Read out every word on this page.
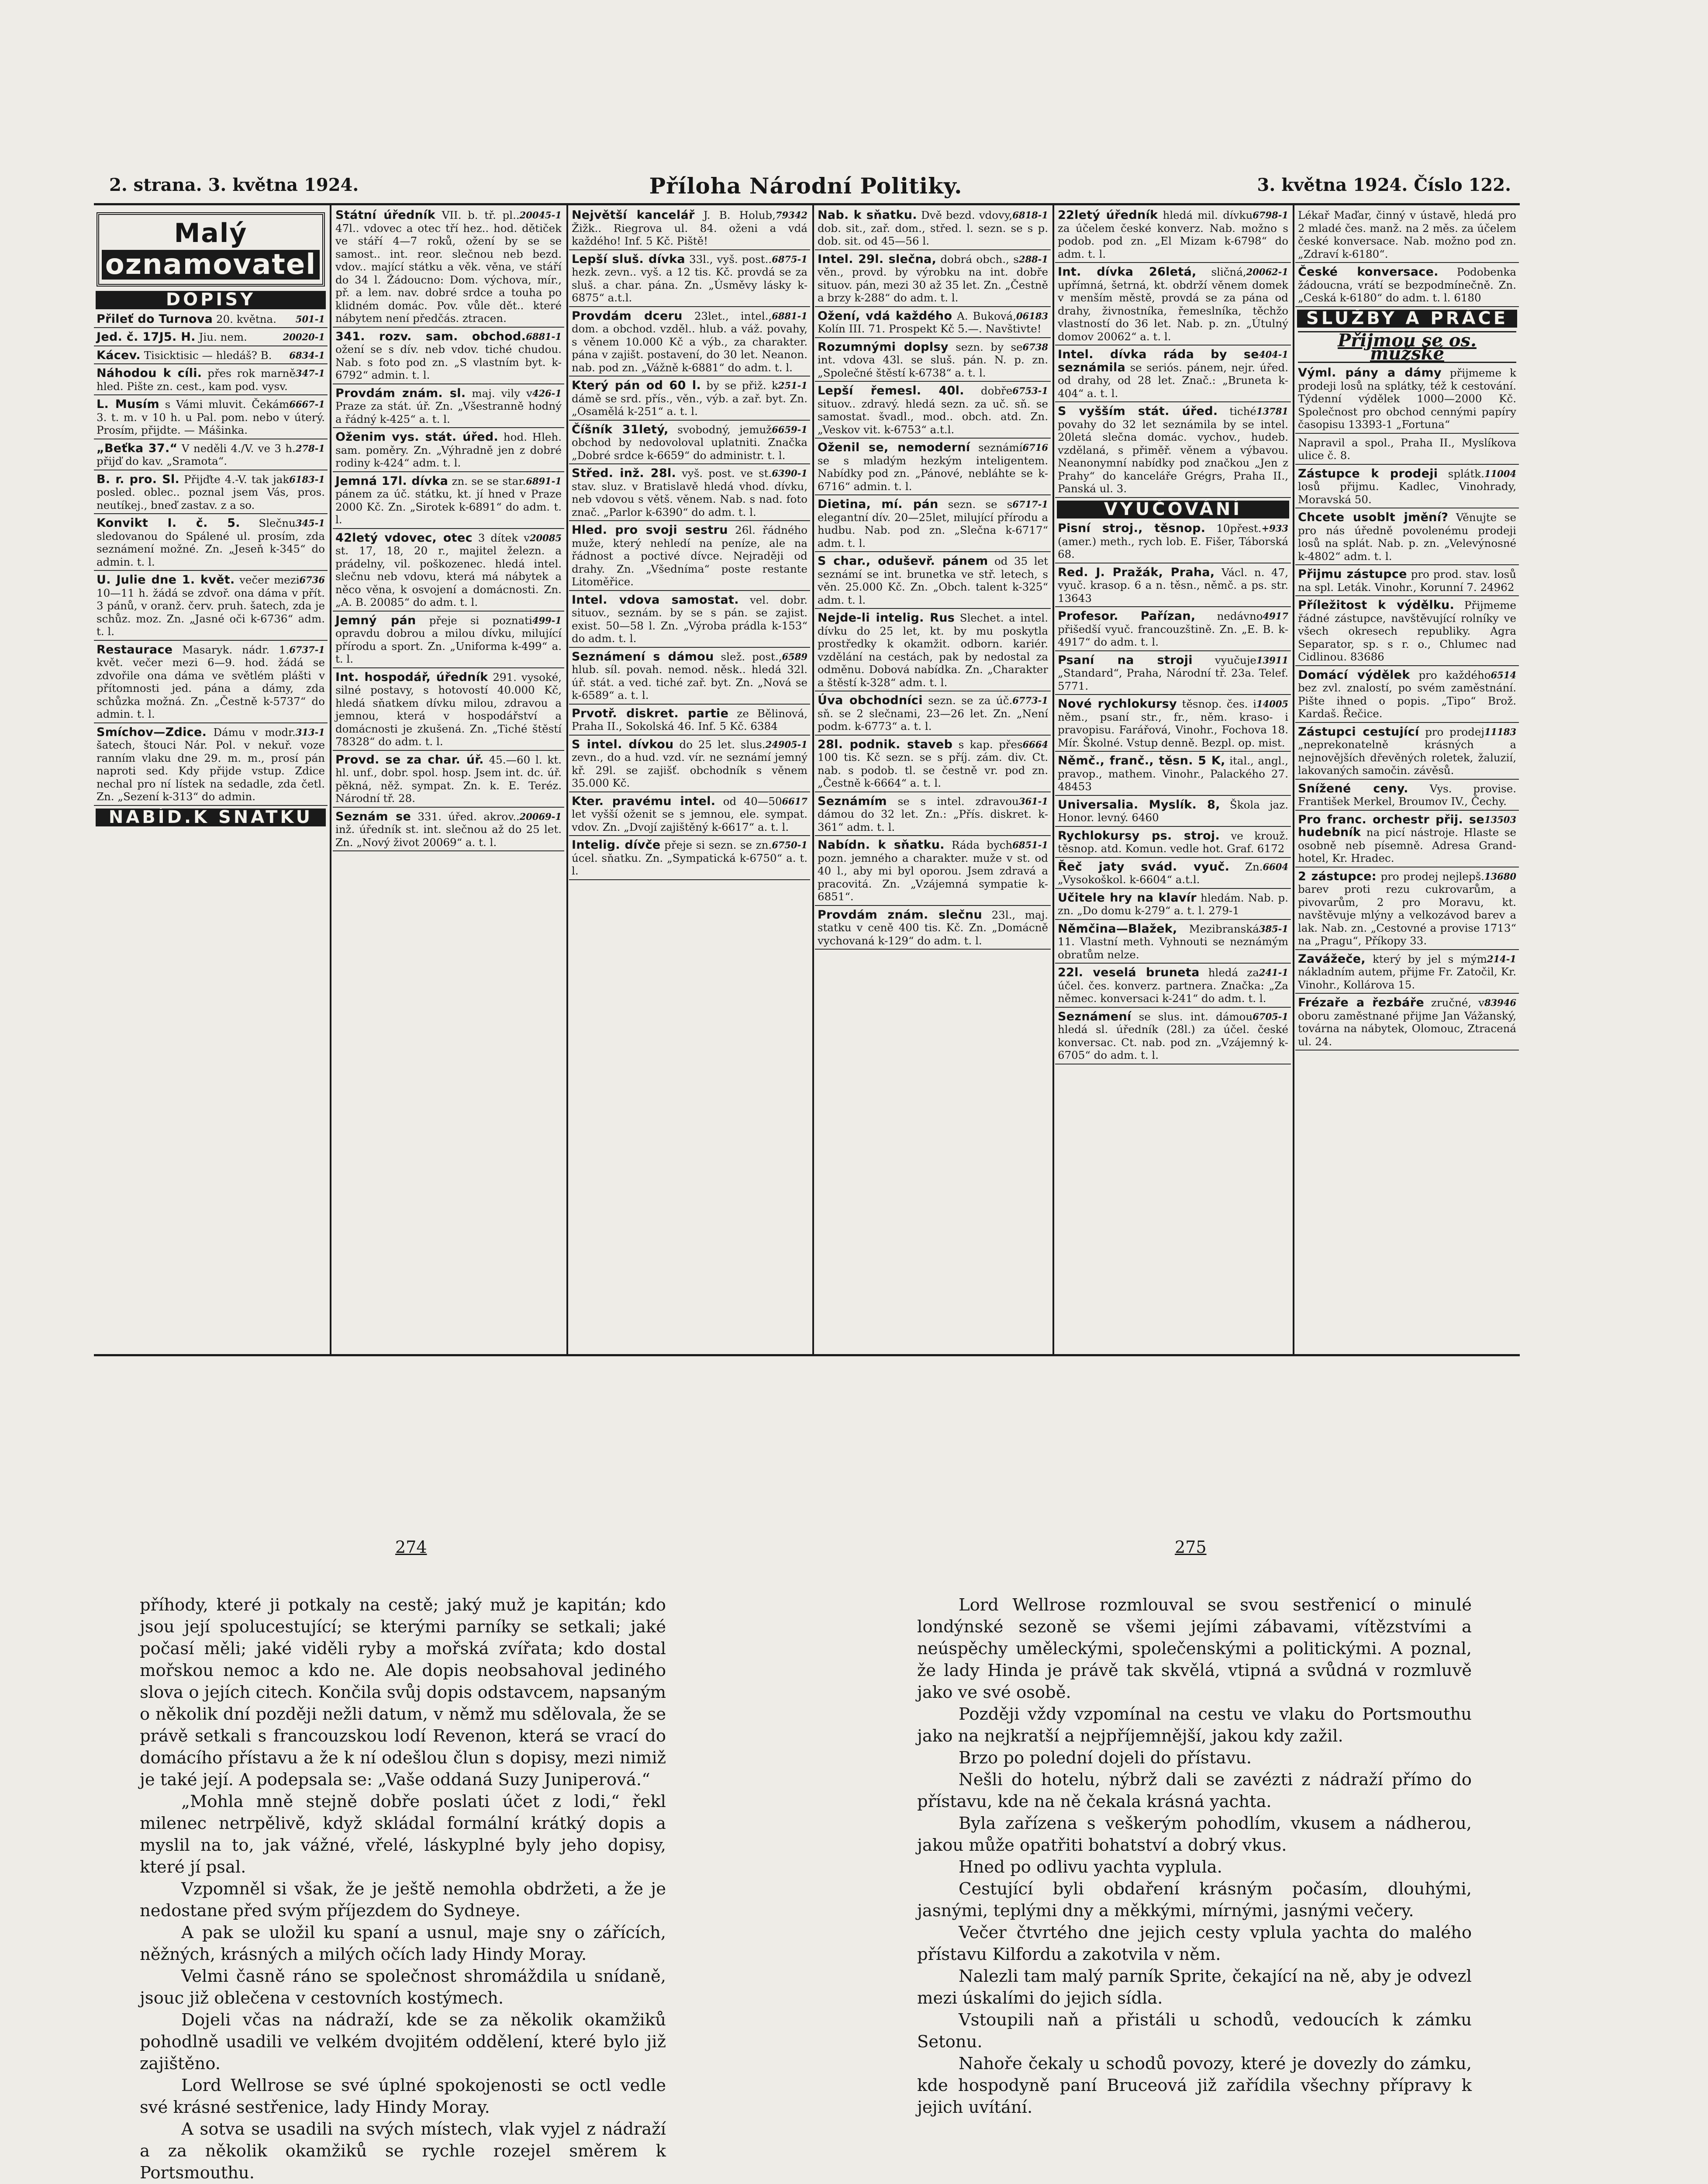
2. strana. 3. května 1924.	Příloha Národní Politiky.	3. května 1924. Číslo 122.
Malý
oznamovatel
DOPISY
501-1
Přileť do Turnova 20. května.
20020-1
Jed. č. 17J5. H. Jiu. nem.
6834-1
Kácev. Tisicktisic — hledáš? B.
347-1
Náhodou k cíli. přes rok marně hled. Pište zn. cest., kam pod. vysv.
6667-1
L. Musím s Vámi mluvit. Čekám 3. t. m. v 10 h. u Pal. pom. nebo v úterý. Prosím, přijdte. — Mášinka.
278-1
„Beťka 37.“ V neděli 4./V. ve 3 h. přijď do kav. „Sramota“.
6183-1
B. r. pro. Sl. Přijďte 4.-V. tak jak posled. oblec.. poznal jsem Vás, pros. neutíkej., bneď zastav. z a so.
345-1
Konvikt I. č. 5. Slečnu sledovanou do Spálené ul. prosím, zda seznámení možné. Zn. „Jeseň k-345“ do admin. t. l.
6736
U. Julie dne 1. květ. večer mezi 10—11 h. žádá se zdvoř. ona dáma v přít. 3 pánů, v oranž. červ. pruh. šatech, zda je schůz. moz. Zn. „Jasné oči k-6736“ adm. t. l.
6737-1
Restaurace Masaryk. nádr. 1. květ. večer mezi 6—9. hod. žádá se zdvořile ona dáma ve světlém plášti v přítomnosti jed. pána a dámy, zda schůzka možná. Zn. „Čestně k-5737“ do admin. t. l.
313-1
Smíchov—Zdice. Dámu v modr. šatech, štouci Nár. Pol. v nekuř. voze ranním vlaku dne 29. m. m., prosí pán naproti sed. Kdy přijde vstup. Zdice nechal pro ní lístek na sedadle, zda četl. Zn. „Sezení k-313“ do admin.
NABÍD.K SNATKU
20045-1
Státní úředník VII. b. tř. pl.. 47l.. vdovec a otec tří hez.. hod. dětiček ve stáří 4—7 roků, ožení by se se samost.. int. reor. slečnou neb bezd. vdov.. mající státku a věk. věna, ve stáří do 34 l. Žádoucno: Dom. výchova, mír., př. a lem. nav. dobré srdce a touha po klidném domác. Pov. vůle dět.. které nábytem není předčás. ztracen.
6881-1
341. rozv. sam. obchod. ožení se s dív. neb vdov. tiché chudou. Nab. s foto pod zn. „S vlastním byt. k-6792“ admin. t. l.
426-1
Provdám znám. sl. maj. vily v Praze za stát. úř. Zn. „Všestranně hodný a řádný k-425“ a. t. l.
Oženim vys. stát. úřed. hod. Hleh. sam. poměry. Zn. „Výhradně jen z dobré rodiny k-424“ adm. t. l.
6891-1
Jemná 17l. dívka zn. se se star. pánem za úč. státku, kt. jí hned v Praze 2000 Kč. Zn. „Sirotek k-6891“ do adm. t. l.
20085
42letý vdovec, otec 3 dítek v st. 17, 18, 20 r., majitel železn. a prádelny, vil. poškozenec. hledá intel. slečnu neb vdovu, která má nábytek a něco věna, k osvojení a domácnosti. Zn. „A. B. 20085“ do adm. t. l.
499-1
Jemný pán přeje si poznati opravdu dobrou a milou dívku, milující přírodu a sport. Zn. „Uniforma k-499“ a. t. l.
Int. hospodář, úředník 291. vysoké, silné postavy, s hotovostí 40.000 Kč, hledá sňatkem dívku milou, zdravou a jemnou, která v hospodářství a domácnosti je zkušená. Zn. „Tiché štěstí 78328“ do adm. t. l.
Provd. se za char. úř. 45.—60 l. kt. hl. unf., dobr. spol. hosp. Jsem int. dc. úř. pěkná, něž. sympat. Zn. k. E. Teréz. Národní tř. 28.
20069-1
Seznám se 331. úřed. akrov.. inž. úředník st. int. slečnou až do 25 let. Zn. „Nový život 20069“ a. t. l.
79342
Největší kancelář J. B. Holub, Žižk.. Riegrova ul. 84. oženi a vdá každého! Inf. 5 Kč. Piště!
6875-1
Lepší sluš. dívka 33l., vyš. post.. hezk. zevn.. vyš. a 12 tis. Kč. provdá se za sluš. a char. pána. Zn. „Úsměvy lásky k-6875“ a.t.l.
6881-1
Provdám dceru 23let., intel., dom. a obchod. vzděl.. hlub. a váž. povahy, s věnem 10.000 Kč a výb., za charakter. pána v zajišt. postavení, do 30 let. Neanon. nab. pod zn. „Vážně k-6881“ do adm. t. l.
251-1
Který pán od 60 l. by se přiž. k dámě se srd. přís., věn., výb. a zař. byt. Zn. „Osamělá k-251“ a. t. l.
6659-1
Číšník 31letý, svobodný, jemuž obchod by nedovoloval uplatniti. Značka „Dobré srdce k-6659“ do administr. t. l.
6390-1
Střed. inž. 28l. vyš. post. ve st. stav. sluz. v Bratislavě hledá vhod. dívku, neb vdovou s větš. věnem. Nab. s nad. foto znač. „Parlor k-6390“ do adm. t. l.
Hled. pro svoji sestru 26l. řádného muže, který nehledí na peníze, ale na řádnost a poctivé dívce. Nejraději od drahy. Zn. „Všedníma“ poste restante Litoměřice.
Intel. vdova samostat. vel. dobr. situov., seznám. by se s pán. se zajist. exist. 50—58 l. Zn. „Výroba prádla k-153“ do adm. t. l.
6589
Seznámení s dámou slež. post., hlub. síl. povah. nemod. něsk.. hledá 32l. úř. stát. a ved. tiché zař. byt. Zn. „Nová se k-6589“ a. t. l.
Prvotř. diskret. partie ze Bělinová, Praha II., Sokolská 46. Inf. 5 Kč. 6384
24905-1
S intel. dívkou do 25 let. slus. zevn., do a hud. vzd. vír. ne seznámí jemný kř. 29l. se zajišť. obchodník s věnem 35.000 Kč.
6617
Kter. pravému intel. od 40—50 let vyšší oženit se s jemnou, ele. sympat. vdov. Zn. „Dvojí zajištěný k-6617“ a. t. l.
6750-1
Intelig. dívče přeje si sezn. se zn. úcel. sňatku. Zn. „Sympatická k-6750“ a. t. l.
6818-1
Nab. k sňatku. Dvě bezd. vdovy, dob. sit., zař. dom., střed. l. sezn. se s p. dob. sit. od 45—56 l.
288-1
Intel. 29l. slečna, dobrá obch., s věn., provd. by výrobku na int. dobře situov. pán, mezi 30 až 35 let. Zn. „Čestně a brzy k-288“ do adm. t. l.
06183
Ožení, vdá každého A. Buková, Kolín III. 71. Prospekt Kč 5.—. Navštivte!
6738
Rozumnými doplsy sezn. by se int. vdova 43l. se sluš. pán. N. p. zn. „Společné štěstí k-6738“ a. t. l.
6753-1
Lepší řemesl. 40l. dobře situov.. zdravý. hledá sezn. za uč. sň. se samostat. švadl., mod.. obch. atd. Zn. „Veskov vit. k-6753“ a.t.l.
6716
Oženil se, nemoderní seznámí se s mladým hezkým inteligentem. Nabídky pod zn. „Pánové, nebláhte se k-6716“ admin. t. l.
6717-1
Dietina, mí. pán sezn. se s elegantní dív. 20—25let, milující přírodu a hudbu. Nab. pod zn. „Slečna k-6717“ adm. t. l.
S char., oduševř. pánem od 35 let seznámí se int. brunetka ve stř. letech, s věn. 25.000 Kč. Zn. „Obch. talent k-325“ adm. t. l.
Nejde-li intelig. Rus Slechet. a intel. dívku do 25 let, kt. by mu poskytla prostředky k okamžit. odborn. kariér. vzdělání na cestách, pak by nedostal za odměnu. Dobová nabídka. Zn. „Charakter a štěstí k-328“ adm. t. l.
6773-1
Úva obchodníci sezn. se za úč. sň. se 2 slečnami, 23—26 let. Zn. „Není podm. k-6773“ a. t. l.
6664
28l. podnik. staveb s kap. přes 100 tis. Kč sezn. se s příj. zám. div. Ct. nab. s podob. tl. se čestně vr. pod zn. „Čestně k-6664“ a. t. l.
361-1
Seznámím se s intel. zdravou dámou do 32 let. Zn.: „Přís. diskret. k-361“ adm. t. l.
6851-1
Nabídn. k sňatku. Ráda bych pozn. jemného a charakter. muže v st. od 40 l., aby mi byl oporou. Jsem zdravá a pracovitá. Zn. „Vzájemná sympatie k-6851“.
Provdám znám. slečnu 23l., maj. statku v ceně 400 tis. Kč. Zn. „Domácně vychovaná k-129“ do adm. t. l.
6798-1
22letý úředník hledá mil. dívku za účelem české konverz. Nab. možno s podob. pod zn. „El Mizam k-6798“ do adm. t. l.
20062-1
Int. dívka 26letá, sličná, upřímná, šetrná, kt. obdrží věnem domek v menším městě, provdá se za pána od drahy, živnostníka, řemeslníka, těchžo vlastností do 36 let. Nab. p. zn. „Útulný domov 20062“ a. t. l.
404-1
Intel. dívka ráda by se seznámila se seriós. pánem, nejr. úřed. od drahy, od 28 let. Znač.: „Bruneta k-404“ a. t. l.
13781
S vyšším stát. úřed. tiché povahy do 32 let seznámila by se intel. 20letá slečna domác. vychov., hudeb. vzdělaná, s přiměř. věnem a výbavou. Neanonymní nabídky pod značkou „Jen z Prahy“ do kanceláře Grégrs, Praha II., Panská ul. 3.
VYUČOVÁNÍ
+933
Pisní stroj., těsnop. 10přest. (amer.) meth., rych lob. E. Fišer, Táborská 68.
Red. J. Pražák, Praha, Václ. n. 47, vyuč. krasop. 6 a n. těsn., němč. a ps. str. 13643
4917
Profesor. Pařízan, nedávno přišedší vyuč. francouzštině. Zn. „E. B. k-4917“ do adm. t. l.
13911
Psaní na stroji vyučuje „Standard“, Praha, Národní tř. 23a. Telef. 5771.
14005
Nové rychlokursy těsnop. čes. i něm., psaní str., fr., něm. kraso- i pravopisu. Farářová, Vinohr., Fochova 18. Mír. Školné. Vstup denně. Bezpl. op. mist.
Němč., franč., těsn. 5 K, ital., angl., pravop., mathem. Vinohr., Palackého 27. 48453
Universalia. Myslík. 8, Škola jaz. Honor. levný. 6460
Rychlokursy ps. stroj. ve krouž. těsnop. atd. Komun. vedle hot. Graf. 6172
6604
Řeč jaty svád. vyuč. Zn. „Vysokoškol. k-6604“ a.t.l.
Učitele hry na klavír hledám. Nab. p. zn. „Do domu k-279“ a. t. l. 279-1
385-1
Němčina—Blažek, Mezibranská 11. Vlastní meth. Vyhnouti se neznámým obratům nelze.
241-1
22l. veselá bruneta hledá za účel. čes. konverz. partnera. Značka: „Za němec. konversaci k-241“ do adm. t. l.
6705-1
Seznámení se slus. int. dámou hledá sl. úředník (28l.) za účel. české konversac. Ct. nab. pod zn. „Vzájemný k-6705“ do adm. t. l.
Lékař Maďar, činný v ústavě, hledá pro 2 mladé čes. manž. na 2 měs. za účelem české konversace. Nab. možno pod zn. „Zdraví k-6180“.
České konversace. Podobenka žádoucna, vrátí se bezpodmínečně. Zn. „Ceská k-6180“ do adm. t. l. 6180
SLUŽBY A PRÁCE
Přijmou se os. mužské
Výml. pány a dámy přijmeme k prodeji losů na splátky, též k cestování. Týdenní výdělek 1000—2000 Kč. Společnost pro obchod cennými papíry časopisu 13393-1 „Fortuna“
Napravil a spol., Praha II., Myslíkova ulice č. 8.
11004
Zástupce k prodeji splátk. losů přijmu. Kadlec, Vinohrady, Moravská 50.
Chcete usoblt jmění? Věnujte se pro nás úředně povolenému prodeji losů na splát. Nab. p. zn. „Velevýnosné k-4802“ adm. t. l.
Přijmu zástupce pro prod. stav. losů na spl. Leták. Vinohr., Korunní 7. 24962
Příležitost k výdělku. Přijmeme řádné zástupce, navštěvující rolníky ve všech okresech republiky. Agra Separator, sp. s r. o., Chlumec nad Cidlinou. 83686
6514
Domácí výdělek pro každého bez zvl. znalostí, po svém zaměstnání. Pište ihned o popis. „Tipo“ Brož. Kardaš. Řečice.
11183
Zástupci cestující pro prodej „neprekonatelně krásných a nejnovějších dřevěných roletek, žaluzií, lakovaných samočin. závěsů.
Snížené ceny. Vys. provise. František Merkel, Broumov IV., Čechy.
13503
Pro franc. orchestr přij. se hudebník na picí nástroje. Hlaste se osobně neb písemně. Adresa Grand-hotel, Kr. Hradec.
13680
2 zástupce: pro prodej nejlepš. barev proti rezu cukrovarům, a pivovarům, 2 pro Moravu, kt. navštěvuje mlýny a velkozávod barev a lak. Nab. zn. „Cestovné a provise 1713“ na „Pragu“, Příkopy 33.
214-1
Zavážeče, který by jel s mým nákladním autem, přijme Fr. Zatočil, Kr. Vinohr., Kollárova 15.
83946
Frézaře a řezbáře zručné, v oboru zaměstnané přijme Jan Vážanský, továrna na nábytek, Olomouc, Ztracená ul. 24.
274	275

příhody, které ji potkaly na cestě; jaký muž je kapitán; kdo jsou její spolucestující; se kterými parníky se setkali; jaké počasí měli; jaké viděli ryby a mořská zvířata; kdo dostal mořskou nemoc a kdo ne. Ale dopis neobsahoval jediného slova o jejích citech. Končila svůj dopis odstavcem, napsaným o několik dní později nežli datum, v němž mu sdělovala, že se právě setkali s francouzskou lodí Revenon, která se vrací do domácího přístavu a že k ní odešlou člun s dopisy, mezi nimiž je také její. A podepsala se: „Vaše oddaná Suzy Juniperová.“

„Mohla mně stejně dobře poslati účet z lodi,“ řekl milenec netrpělivě, když skládal formální krátký dopis a myslil na to, jak vážné, vřelé, láskyplné byly jeho dopisy, které jí psal.

Vzpomněl si však, že je ještě nemohla obdržeti, a že je nedostane před svým příjezdem do Sydneye.

A pak se uložil ku spaní a usnul, maje sny o zářících, něžných, krásných a milých očích lady Hindy Moray.

Velmi časně ráno se společnost shromáždila u snídaně, jsouc již oblečena v cestovních kostýmech.

Dojeli včas na nádraží, kde se za několik okamžiků pohodlně usadili ve velkém dvojitém oddělení, které bylo již zajištěno.

Lord Wellrose se své úplné spokojenosti se octl vedle své krásné sestřenice, lady Hindy Moray.

A sotva se usadili na svých místech, vlak vyjel z nádraží a za několik okamžiků se rychle rozejel směrem k Portsmouthu.

Lord Wellrose rozmlouval se svou sestřenicí o minulé londýnské sezoně se všemi jejími zábavami, vítězstvími a neúspěchy uměleckými, společenskými a politickými. A poznal, že lady Hinda je právě tak skvělá, vtipná a svůdná v rozmluvě jako ve své osobě.

Později vždy vzpomínal na cestu ve vlaku do Portsmouthu jako na nejkratší a nejpříjemnější, jakou kdy zažil.

Brzo po polední dojeli do přístavu.

Nešli do hotelu, nýbrž dali se zavézti z nádraží přímo do přístavu, kde na ně čekala krásná yachta.

Byla zařízena s veškerým pohodlím, vkusem a nádherou, jakou může opatřiti bohatství a dobrý vkus.

Hned po odlivu yachta vyplula.

Cestující byli obdaření krásným počasím, dlouhými, jasnými, teplými dny a měkkými, mírnými, jasnými večery.

Večer čtvrtého dne jejich cesty vplula yachta do malého přístavu Kilfordu a zakotvila v něm.

Nalezli tam malý parník Sprite, čekající na ně, aby je odvezl mezi úskalími do jejich sídla.

Vstoupili naň a přistáli u schodů, vedoucích k zámku Setonu.

Nahoře čekaly u schodů povozy, které je dovezly do zámku, kde hospodyně paní Bruceová již zařídila všechny přípravy k jejich uvítání.
